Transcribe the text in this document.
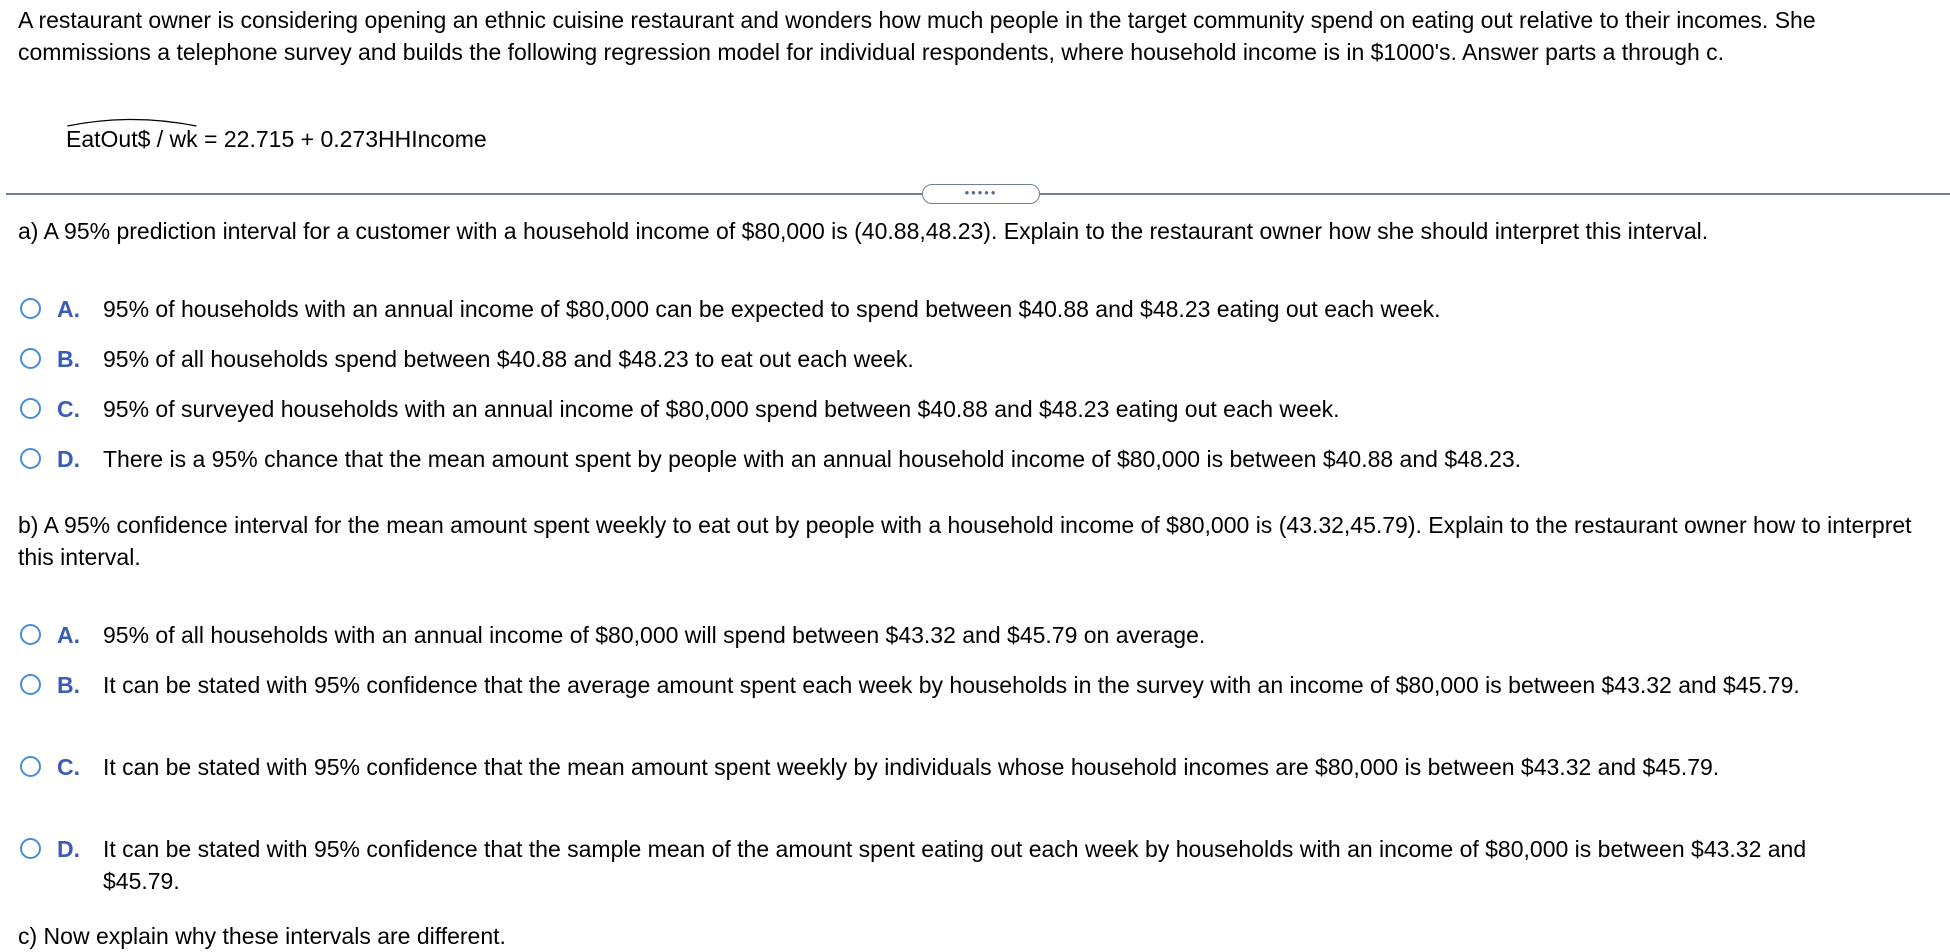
A restaurant owner is considering opening an ethnic cuisine restaurant and wonders how much people in the target community spend on eating out relative to their incomes. She commissions a telephone survey and builds the following regression model for individual respondents, where household income is in $1000's. Answer parts a through c.

EatOut$ / wk = 22.715 + 0.273HHIncome
•••••

a) A 95% prediction interval for a customer with a household income of $80,000 is (40.88,48.23). Explain to the restaurant owner how she should interpret this interval.

A.	95% of households with an annual income of $80,000 can be expected to spend between $40.88 and $48.23 eating out each week.
B.	95% of all households spend between $40.88 and $48.23 to eat out each week.
C.	95% of surveyed households with an annual income of $80,000 spend between $40.88 and $48.23 eating out each week.
D.	There is a 95% chance that the mean amount spent by people with an annual household income of $80,000 is between $40.88 and $48.23.

b) A 95% confidence interval for the mean amount spent weekly to eat out by people with a household income of $80,000 is (43.32,45.79). Explain to the restaurant owner how to interpret this interval.

A.	95% of all households with an annual income of $80,000 will spend between $43.32 and $45.79 on average.
B.	It can be stated with 95% confidence that the average amount spent each week by households in the survey with an income of $80,000 is between $43.32 and $45.79.
C.	It can be stated with 95% confidence that the mean amount spent weekly by individuals whose household incomes are $80,000 is between $43.32 and $45.79.
D.	It can be stated with 95% confidence that the sample mean of the amount spent eating out each week by households with an income of $80,000 is between $43.32 and $45.79.
c) Now explain why these intervals are different.
